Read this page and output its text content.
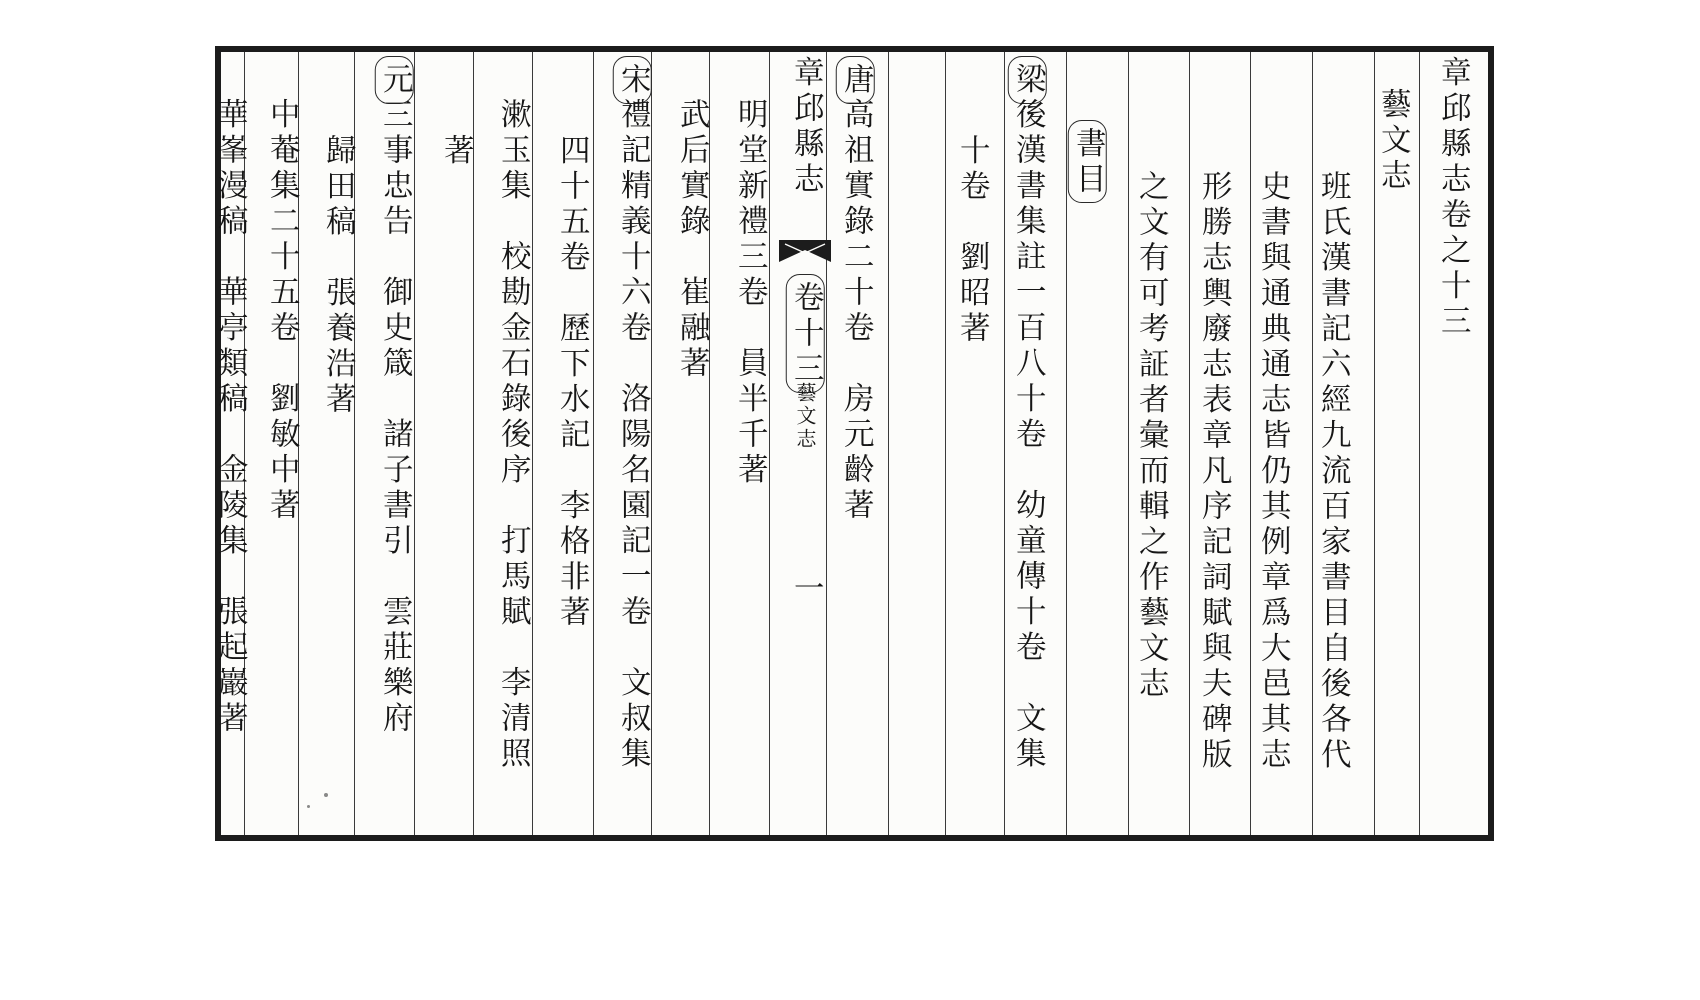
章邱縣志卷之十三
藝文志
班氏漢書記六經九流百家書目自後各代
史書與通典通志皆仍其例章爲大邑其志
形勝志輿廢志表章凡序記詞賦與夫碑版
之文有可考証者彙而輯之作藝文志
書目
梁
後漢書集註一百八十卷　幼童傳十卷　文集
十卷　劉昭著
唐
高祖實錄二十卷　房元齡著
章邱縣志
卷十三
藝文志
一
明堂新禮三卷　員半千著
武后實錄　崔融著
宋
禮記精義十六卷　洛陽名園記一卷　文叔集
四十五卷　歷下水記　李格非著
漱玉集　校勘金石錄後序　打馬賦　李清照
著
元
三事忠告　御史箴　諸子書引　雲莊樂府
歸田稿　張養浩著
中菴集二十五卷　劉敏中著
華峯漫稿　華亭類稿　金陵集　張起巖著
